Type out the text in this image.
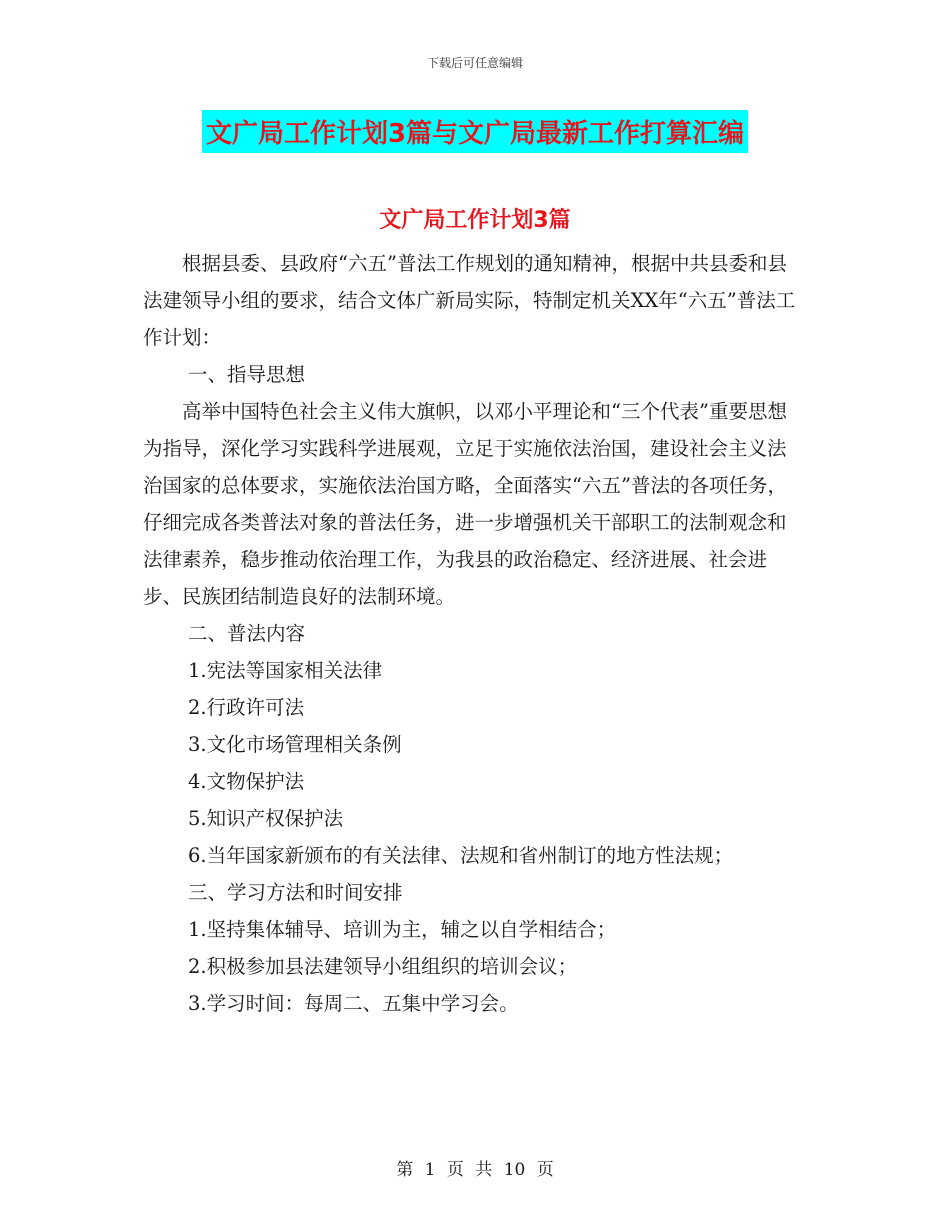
下载后可任意编辑
文广局工作计划3篇与文广局最新工作打算汇编
文广局工作计划3篇

根据县委、县政府“六五”普法工作规划的通知精神，根据中共县委和县法建领导小组的要求，结合文体广新局实际，特制定机关XX年“六五”普法工作计划：

一、指导思想

高举中国特色社会主义伟大旗帜，以邓小平理论和“三个代表”重要思想为指导，深化学习实践科学进展观，立足于实施依法治国，建设社会主义法治国家的总体要求，实施依法治国方略，全面落实“六五”普法的各项任务，仔细完成各类普法对象的普法任务，进一步增强机关干部职工的法制观念和法律素养，稳步推动依治理工作，为我县的政治稳定、经济进展、社会进步、民族团结制造良好的法制环境。

二、普法内容

1.宪法等国家相关法律

2.行政许可法

3.文化市场管理相关条例

4.文物保护法

5.知识产权保护法

6.当年国家新颁布的有关法律、法规和省州制订的地方性法规；

三、学习方法和时间安排

1.坚持集体辅导、培训为主，辅之以自学相结合；

2.积极参加县法建领导小组组织的培训会议；

3.学习时间：每周二、五集中学习会。

第 1 页 共 10 页
